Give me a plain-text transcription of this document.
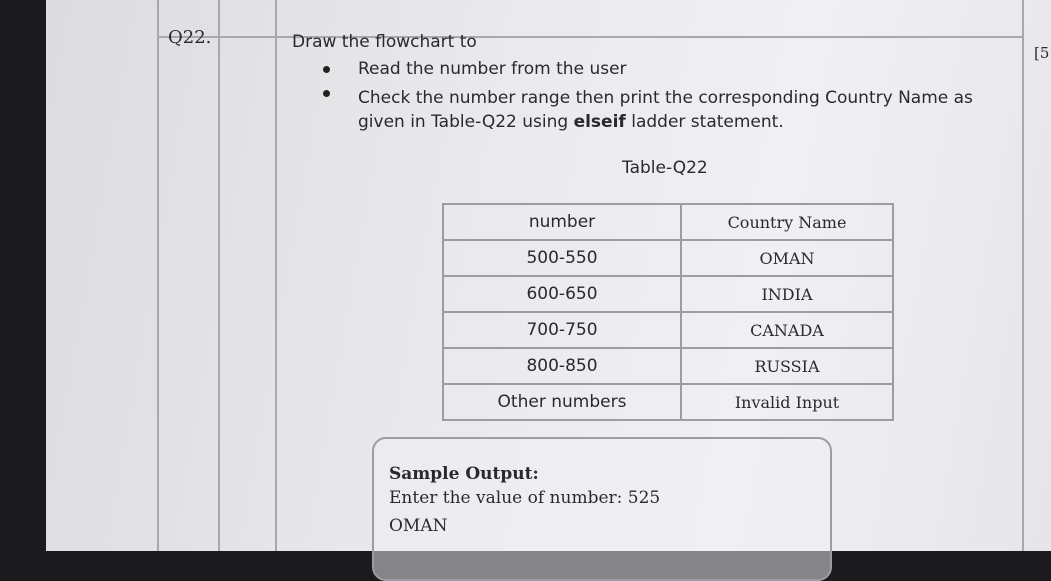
Q22.
[5
Draw the flowchart to
Read the number from the user
Check the number range then print the corresponding Country Name as
given in Table-Q22 using elseif ladder statement.
Table-Q22
number	Country Name
500-550	OMAN
600-650	INDIA
700-750	CANADA
800-850	RUSSIA
Other numbers	Invalid Input
Sample Output:
Enter the value of number: 525
OMAN
